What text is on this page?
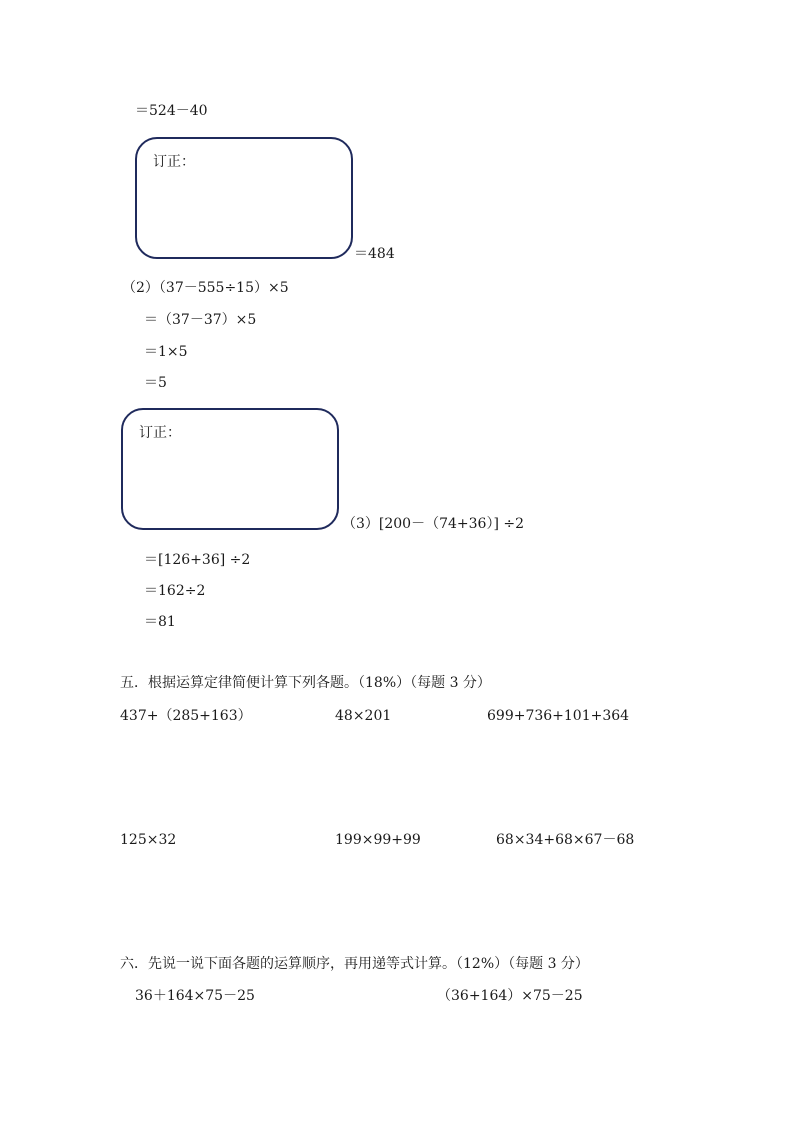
＝524－40
订正：
＝484
（2）（37－555÷15）×5
＝（37－37）×5
＝1×5
＝5
订正：
（3）[200－（74+36）] ÷2
＝[126+36] ÷2
＝162÷2
＝81
五．根据运算定律简便计算下列各题。（18%）（每题 3 分）
437+（285+163）	48×201	699+736+101+364
125×32	199×99+99	68×34+68×67－68
六．先说一说下面各题的运算顺序，再用递等式计算。（12%）（每题 3 分）
36＋164×75－25	（36+164）×75－25
